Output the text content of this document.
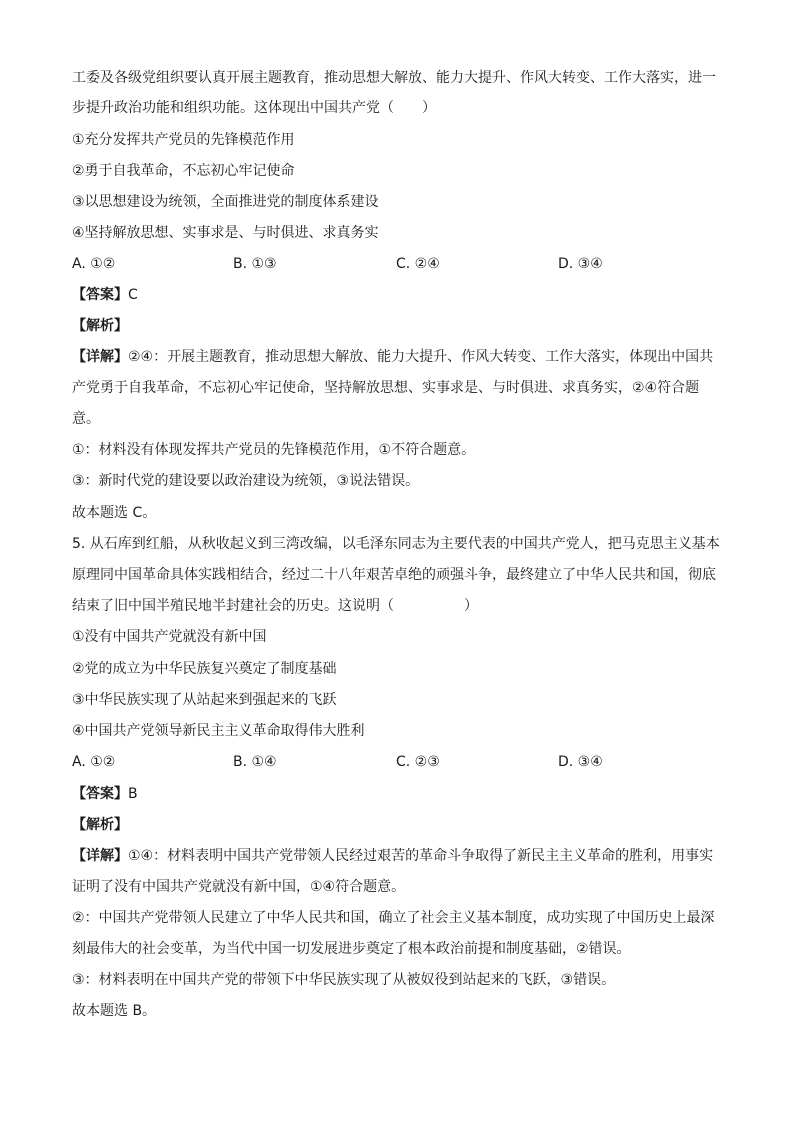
工委及各级党组织要认真开展主题教育，推动思想大解放、能力大提升、作风大转变、工作大落实，进一
步提升政治功能和组织功能。这体现出中国共产党（　　）
①充分发挥共产党员的先锋模范作用
②勇于自我革命，不忘初心牢记使命
③以思想建设为统领，全面推进党的制度体系建设
④坚持解放思想、实事求是、与时俱进、求真务实
A. ①②	B. ①③	C. ②④	D. ③④
【答案】C
【解析】
【详解】②④：开展主题教育，推动思想大解放、能力大提升、作风大转变、工作大落实，体现出中国共
产党勇于自我革命，不忘初心牢记使命，坚持解放思想、实事求是、与时俱进、求真务实，②④符合题
意。
①：材料没有体现发挥共产党员的先锋模范作用，①不符合题意。
③：新时代党的建设要以政治建设为统领，③说法错误。
故本题选 C。
5. 从石库到红船，从秋收起义到三湾改编，以毛泽东同志为主要代表的中国共产党人，把马克思主义基本
原理同中国革命具体实践相结合，经过二十八年艰苦卓绝的顽强斗争，最终建立了中华人民共和国，彻底
结束了旧中国半殖民地半封建社会的历史。这说明（　　　　　）
①没有中国共产党就没有新中国
②党的成立为中华民族复兴奠定了制度基础
③中华民族实现了从站起来到强起来的飞跃
④中国共产党领导新民主主义革命取得伟大胜利
A. ①②	B. ①④	C. ②③	D. ③④
【答案】B
【解析】
【详解】①④：材料表明中国共产党带领人民经过艰苦的革命斗争取得了新民主主义革命的胜利，用事实
证明了没有中国共产党就没有新中国，①④符合题意。
②：中国共产党带领人民建立了中华人民共和国，确立了社会主义基本制度，成功实现了中国历史上最深
刻最伟大的社会变革，为当代中国一切发展进步奠定了根本政治前提和制度基础，②错误。
③：材料表明在中国共产党的带领下中华民族实现了从被奴役到站起来的飞跃，③错误。
故本题选 B。
